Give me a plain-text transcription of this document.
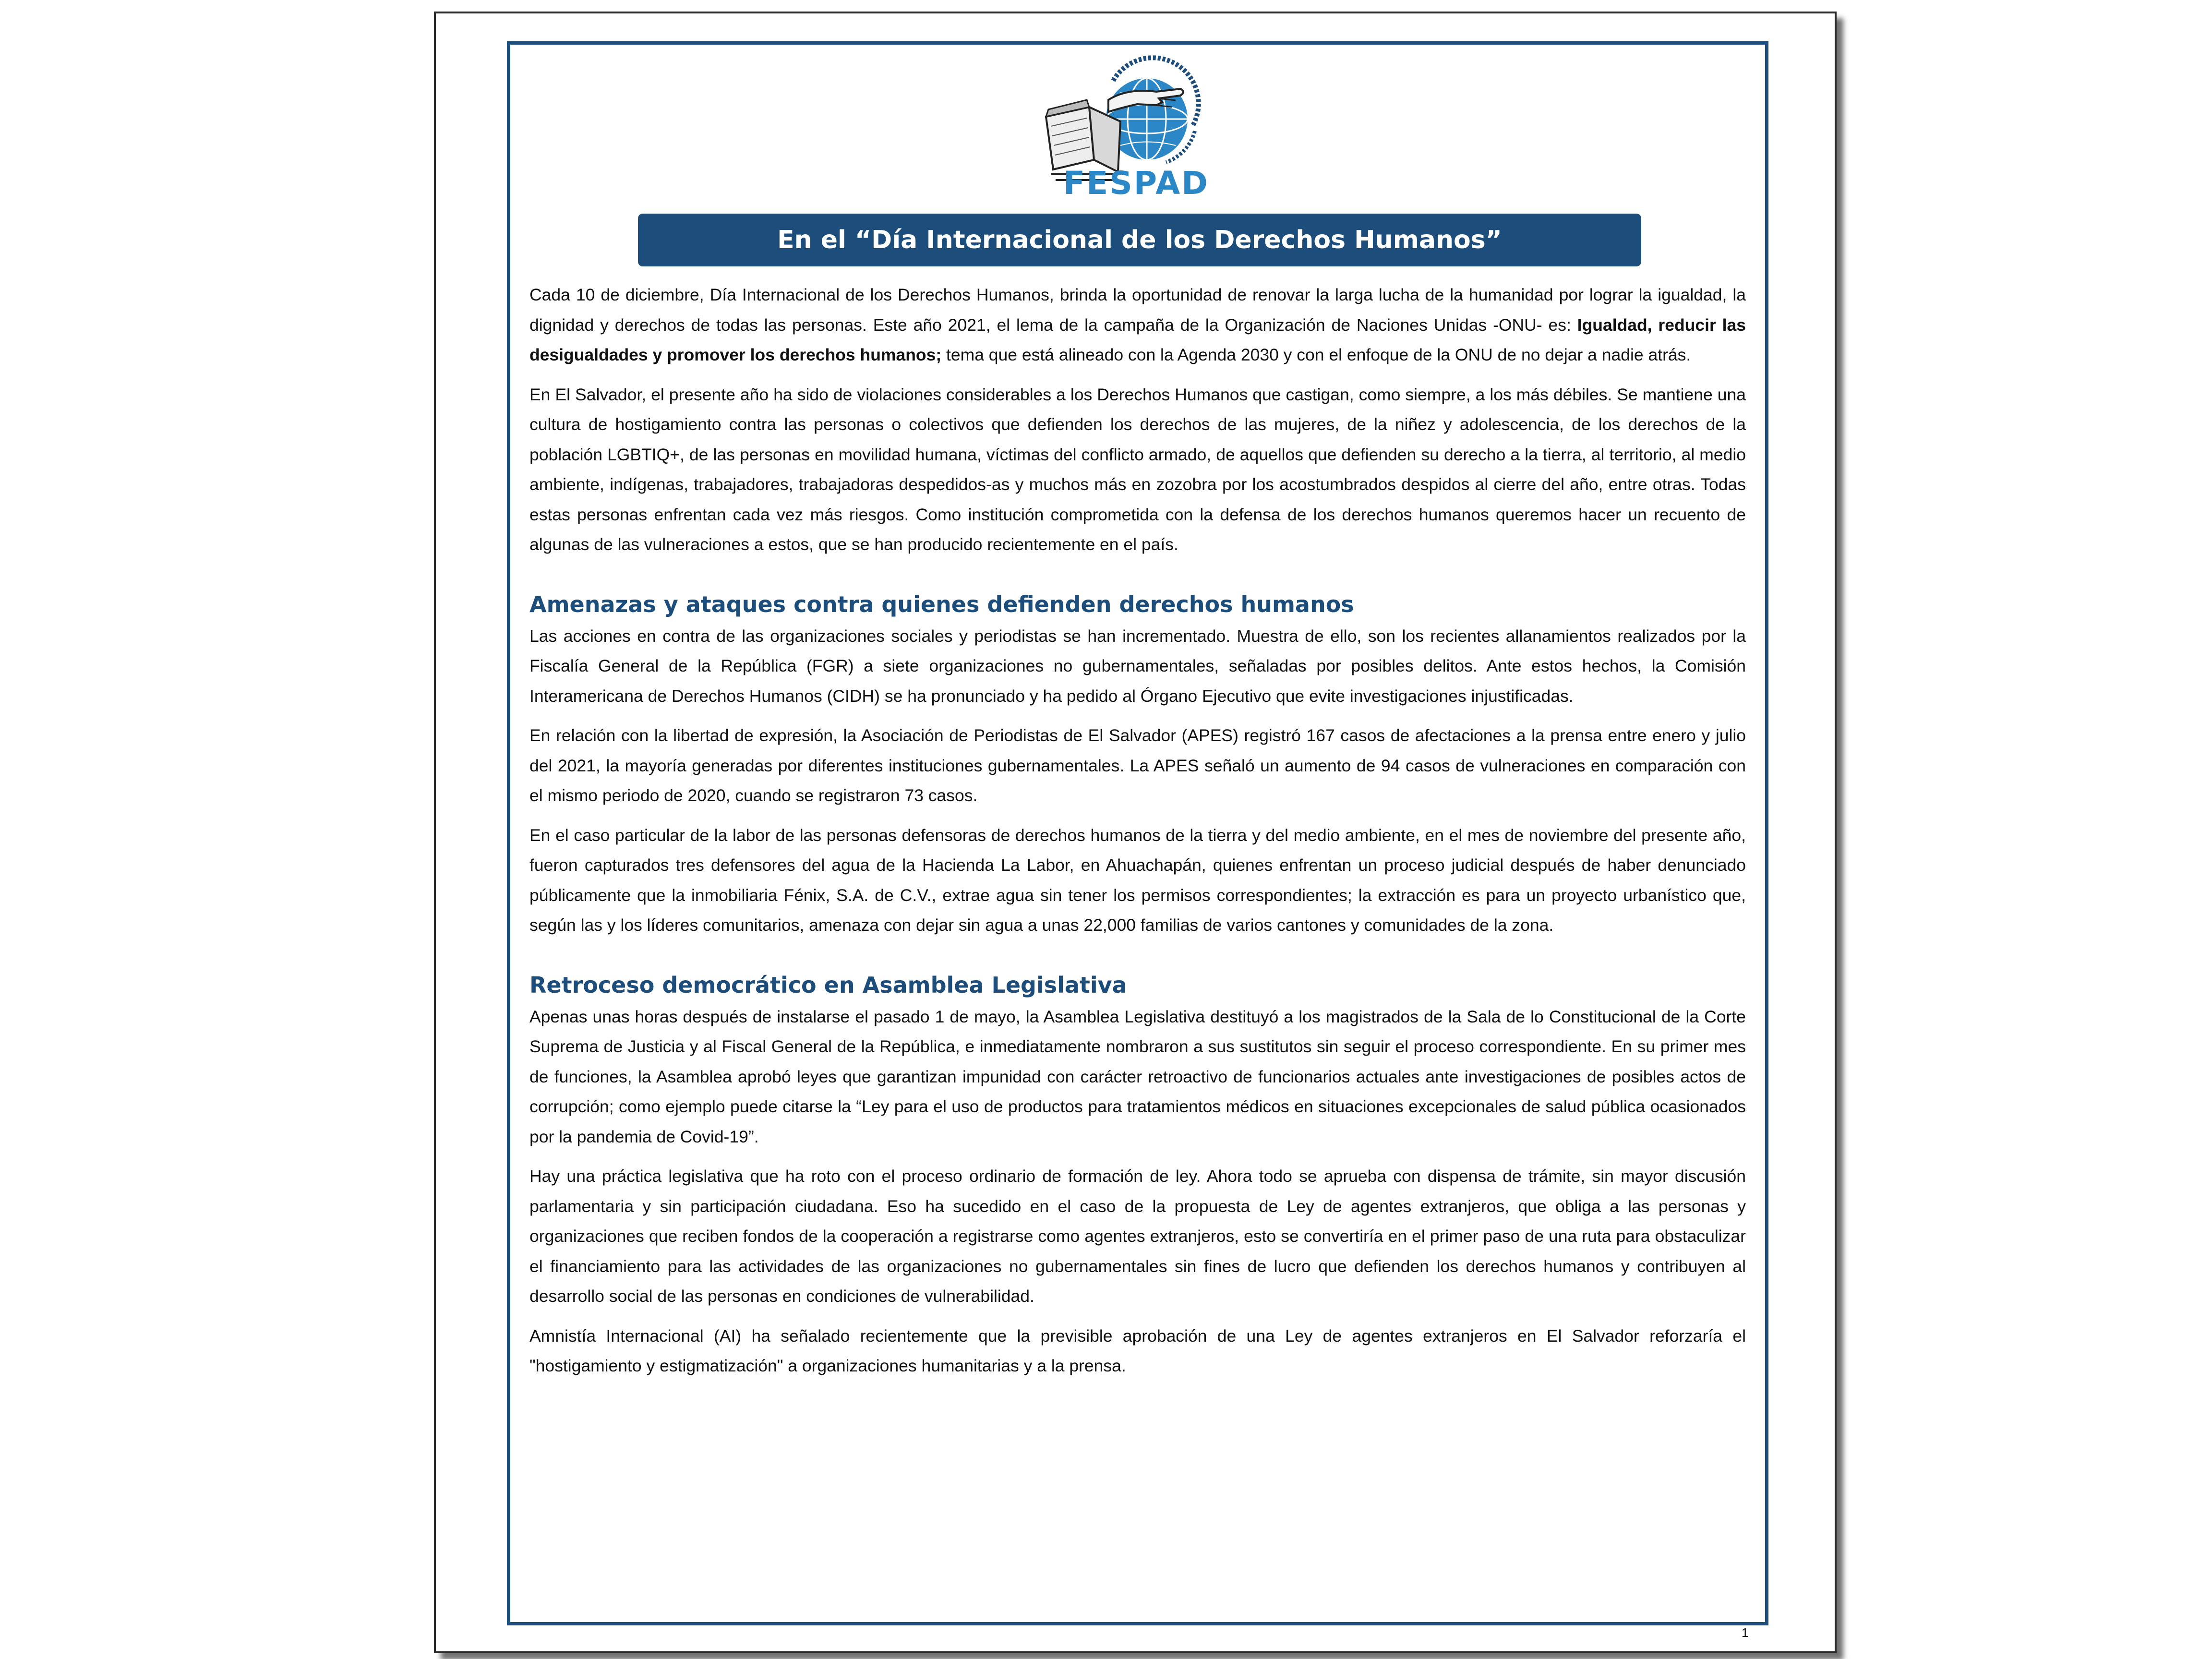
FESPAD
En el “Día Internacional de los Derechos Humanos”

Cada 10 de diciembre, Día Internacional de los Derechos Humanos, brinda la oportunidad de renovar la larga lucha de la humanidad por lograr la igualdad, la dignidad y derechos de todas las personas. Este año 2021, el lema de la campaña de la Organización de Naciones Unidas -ONU- es: Igualdad, reducir las desigualdades y promover los derechos humanos; tema que está alineado con la Agenda 2030 y con el enfoque de la ONU de no dejar a nadie atrás.

En El Salvador, el presente año ha sido de violaciones considerables a los Derechos Humanos que castigan, como siempre, a los más débiles. Se mantiene una cultura de hostigamiento contra las personas o colectivos que defienden los derechos de las mujeres, de la niñez y adolescencia, de los derechos de la población LGBTIQ+, de las personas en movilidad humana, víctimas del conflicto armado, de aquellos que defienden su derecho a la tierra, al territorio, al medio ambiente, indígenas, trabajadores, trabajadoras despedidos-as y muchos más en zozobra por los acostumbrados despidos al cierre del año, entre otras. Todas estas personas enfrentan cada vez más riesgos. Como institución comprometida con la defensa de los derechos humanos queremos hacer un recuento de algunas de las vulneraciones a estos, que se han producido recientemente en el país.

Amenazas y ataques contra quienes defienden derechos humanos

Las acciones en contra de las organizaciones sociales y periodistas se han incrementado. Muestra de ello, son los recientes allanamientos realizados por la Fiscalía General de la República (FGR) a siete organizaciones no gubernamentales, señaladas por posibles delitos. Ante estos hechos, la Comisión Interamericana de Derechos Humanos (CIDH) se ha pronunciado y ha pedido al Órgano Ejecutivo que evite investigaciones injustificadas.

En relación con la libertad de expresión, la Asociación de Periodistas de El Salvador (APES) registró 167 casos de afectaciones a la prensa entre enero y julio del 2021, la mayoría generadas por diferentes instituciones gubernamentales. La APES señaló un aumento de 94 casos de vulneraciones en comparación con el mismo periodo de 2020, cuando se registraron 73 casos.

En el caso particular de la labor de las personas defensoras de derechos humanos de la tierra y del medio ambiente, en el mes de noviembre del presente año, fueron capturados tres defensores del agua de la Hacienda La Labor, en Ahuachapán, quienes enfrentan un proceso judicial después de haber denunciado públicamente que la inmobiliaria Fénix, S.A. de C.V., extrae agua sin tener los permisos correspondientes; la extracción es para un proyecto urbanístico que, según las y los líderes comunitarios, amenaza con dejar sin agua a unas 22,000 familias de varios cantones y comunidades de la zona.

Retroceso democrático en Asamblea Legislativa

Apenas unas horas después de instalarse el pasado 1 de mayo, la Asamblea Legislativa destituyó a los magistrados de la Sala de lo Constitucional de la Corte Suprema de Justicia y al Fiscal General de la República, e inmediatamente nombraron a sus sustitutos sin seguir el proceso correspondiente. En su primer mes de funciones, la Asamblea aprobó leyes que garantizan impunidad con carácter retroactivo de funcionarios actuales ante investigaciones de posibles actos de corrupción; como ejemplo puede citarse la “Ley para el uso de productos para tratamientos médicos en situaciones excepcionales de salud pública ocasionados por la pandemia de Covid-19”.

Hay una práctica legislativa que ha roto con el proceso ordinario de formación de ley. Ahora todo se aprueba con dispensa de trámite, sin mayor discusión parlamentaria y sin participación ciudadana. Eso ha sucedido en el caso de la propuesta de Ley de agentes extranjeros, que obliga a las personas y organizaciones que reciben fondos de la cooperación a registrarse como agentes extranjeros, esto se convertiría en el primer paso de una ruta para obstaculizar el financiamiento para las actividades de las organizaciones no gubernamentales sin fines de lucro que defienden los derechos humanos y contribuyen al desarrollo social de las personas en condiciones de vulnerabilidad.

Amnistía Internacional (AI) ha señalado recientemente que la previsible aprobación de una Ley de agentes extranjeros en El Salvador reforzaría el "hostigamiento y estigmatización" a organizaciones humanitarias y a la prensa.

1
